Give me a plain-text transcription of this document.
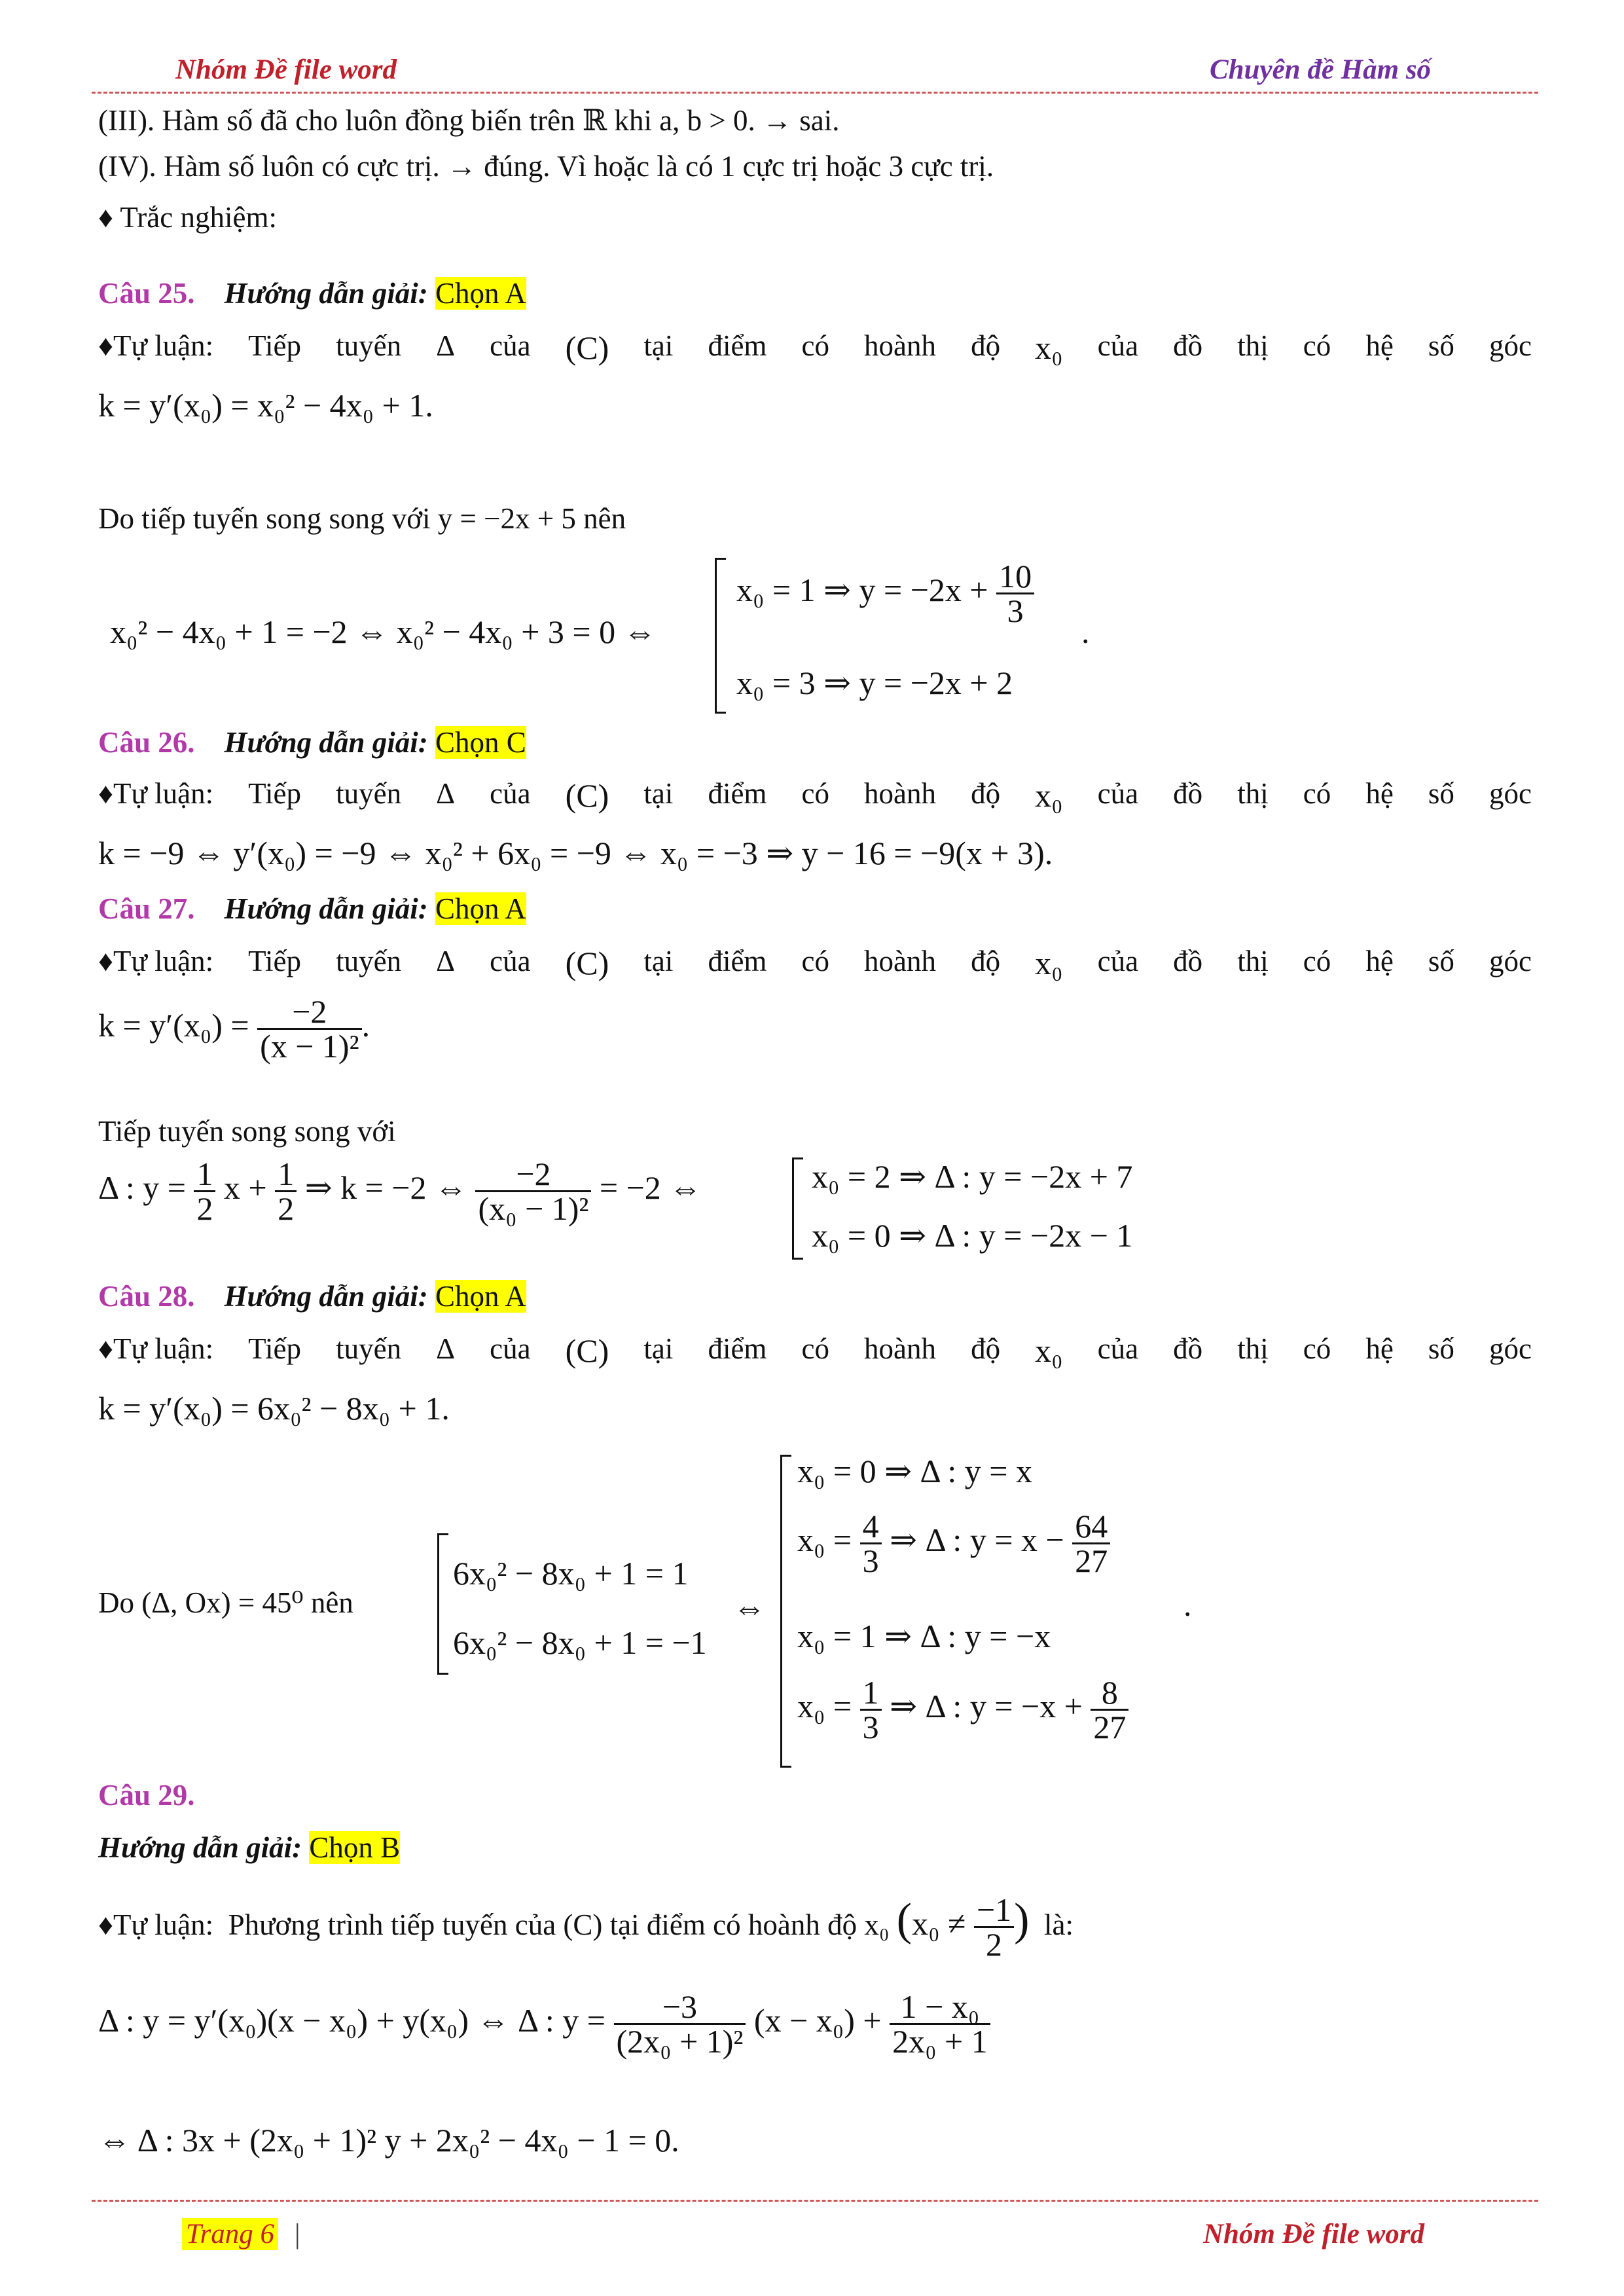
Nhóm Đề file word	Chuyên đề Hàm số
(III). Hàm số đã cho luôn đồng biến trên ℝ khi a, b > 0. → sai.
(IV). Hàm số luôn có cực trị. → đúng. Vì hoặc là có 1 cực trị hoặc 3 cực trị.
♦ Trắc nghiệm:
Câu 25. Hướng dẫn giải: Chọn A
♦Tự luận: Tiếp tuyến Δ của (C) tại điểm có hoành độ x₀ của đồ thị có hệ số góc
k = y′(x₀) = x₀² − 4x₀ + 1.
Do tiếp tuyến song song với y = −2x + 5 nên
x₀² − 4x₀ + 1 = −2 ⇔ x₀² − 4x₀ + 3 = 0 ⇔
x₀ = 1 ⇒ $y = -2x + \frac{10}{3}$
x₀ = 3 ⇒ y = −2x + 2
.
Câu 26. Hướng dẫn giải: Chọn C
♦Tự luận: Tiếp tuyến Δ của (C) tại điểm có hoành độ x₀ của đồ thị có hệ số góc
k = −9 ⇔ y′(x₀) = −9 ⇔ x₀² + 6x₀ = −9 ⇔ x₀ = −3 ⇒ y − 16 = −9(x + 3).
Câu 27. Hướng dẫn giải: Chọn A
♦Tự luận: Tiếp tuyến Δ của (C) tại điểm có hoành độ x₀ của đồ thị có hệ số góc
$k = y'(x_0) = \frac{-2}{\text{(x − 1)²}}$ .
Tiếp tuyến song song với
Δ : $y = \frac{1}{2}$ $x + \frac{1}{2}$ ⇒ k = −2 ⇔ $\frac{-2}{\text{(x₀ − 1)²}} = -2$ ⇔	x₀ = 2 ⇒ Δ : y = −2x + 7
x₀ = 0 ⇒ Δ : y = −2x − 1
Câu 28. Hướng dẫn giải: Chọn A
♦Tự luận: Tiếp tuyến Δ của (C) tại điểm có hoành độ x₀ của đồ thị có hệ số góc
k = y′(x₀) = 6x₀² − 8x₀ + 1.
Do (Δ, Ox) = 45⁰ nên
6x₀² − 8x₀ + 1 = 1
6x₀² − 8x₀ + 1 = −1
⇔
x₀ = 0 ⇒ Δ : y = x
$x_0 = \frac{4}{3}$ ⇒ Δ : $y = x - \frac{64}{27}$
x₀ = 1 ⇒ Δ : y = −x
$x_0 = \frac{1}{3}$ ⇒ Δ : $y = -x + \frac{8}{27}$
.
Câu 29.
Hướng dẫn giải: Chọn B
♦Tự luận: Phương trình tiếp tuyến của (C) tại điểm có hoành độ x₀ ($x_0 \ne \frac{-1}{2}$ ) là:
Δ : y = y′(x₀)(x − x₀) + y(x₀) ⇔ Δ : $y = \frac{-3}{\text{(2x₀ + 1)²}} (x - x_0) + \frac{\text{1 − x₀}}{\text{2x₀ + 1}}$
⇔ Δ : 3x + (2x₀ + 1)² y + 2x₀² − 4x₀ − 1 = 0.
Trang 6 |	Nhóm Đề file word
